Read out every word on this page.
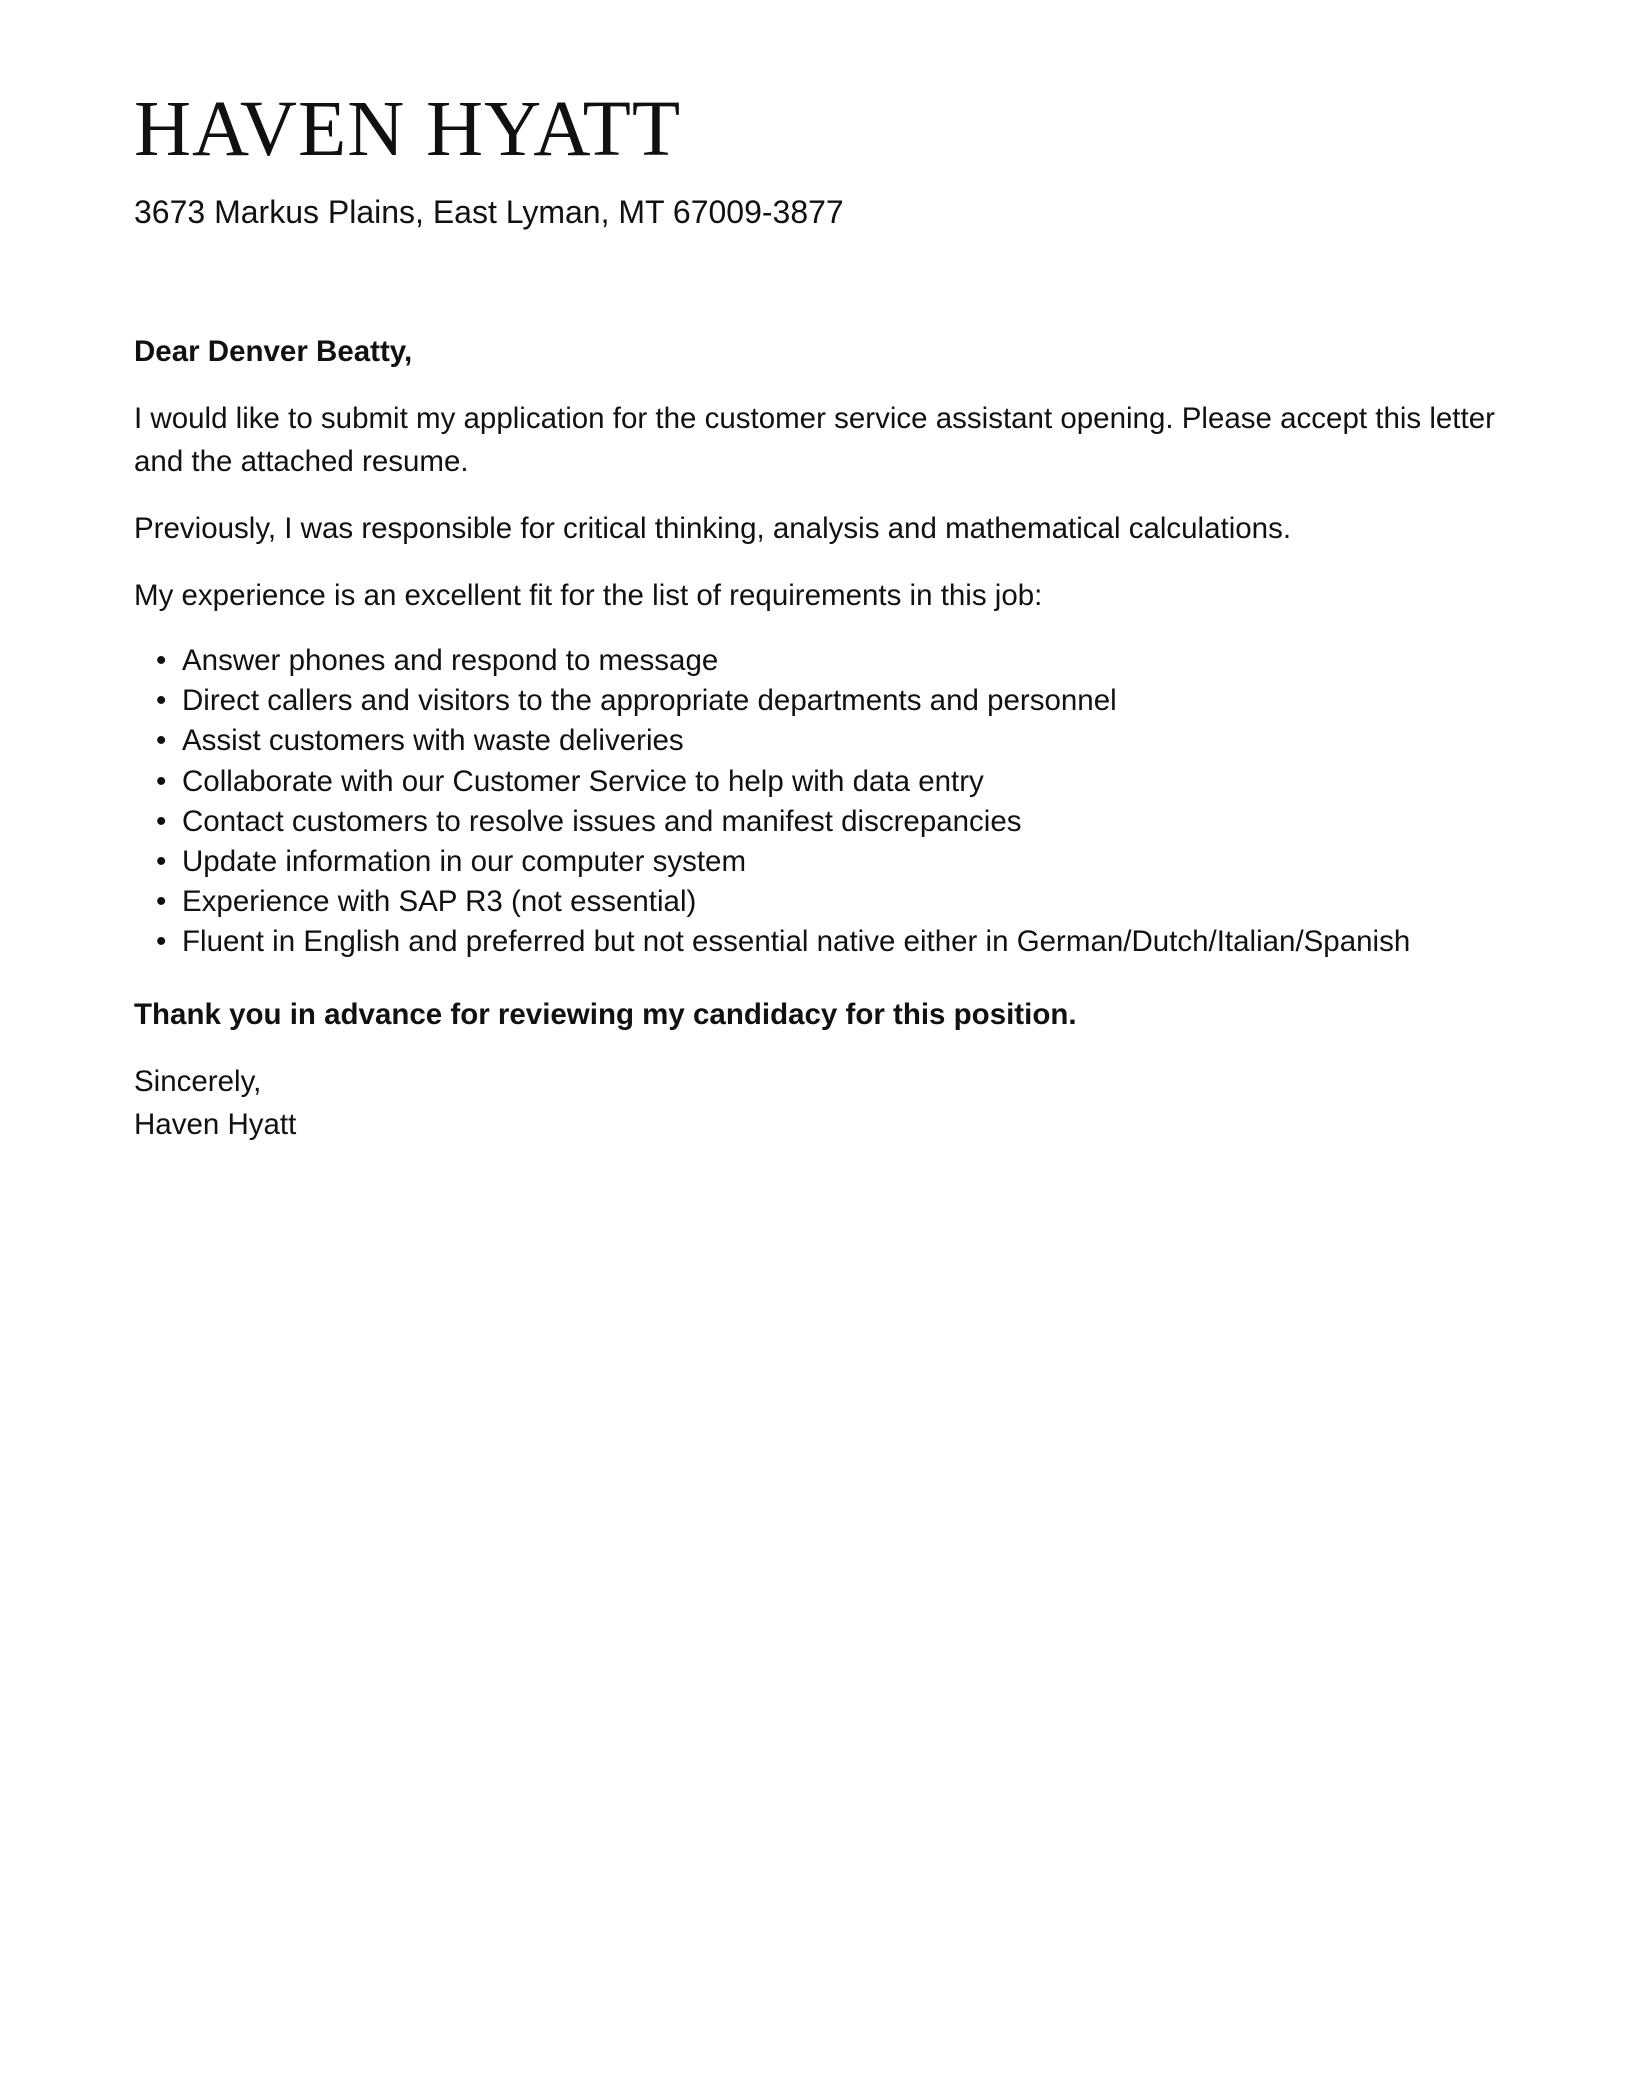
HAVEN HYATT
3673 Markus Plains, East Lyman, MT 67009-3877

Dear Denver Beatty,

I would like to submit my application for the customer service assistant opening. Please accept this letter and the attached resume.

Previously, I was responsible for critical thinking, analysis and mathematical calculations.

My experience is an excellent fit for the list of requirements in this job:

• Answer phones and respond to message
• Direct callers and visitors to the appropriate departments and personnel
• Assist customers with waste deliveries
• Collaborate with our Customer Service to help with data entry
• Contact customers to resolve issues and manifest discrepancies
• Update information in our computer system
• Experience with SAP R3 (not essential)
• Fluent in English and preferred but not essential native either in German/Dutch/Italian/Spanish

Thank you in advance for reviewing my candidacy for this position.

Sincerely,
Haven Hyatt
